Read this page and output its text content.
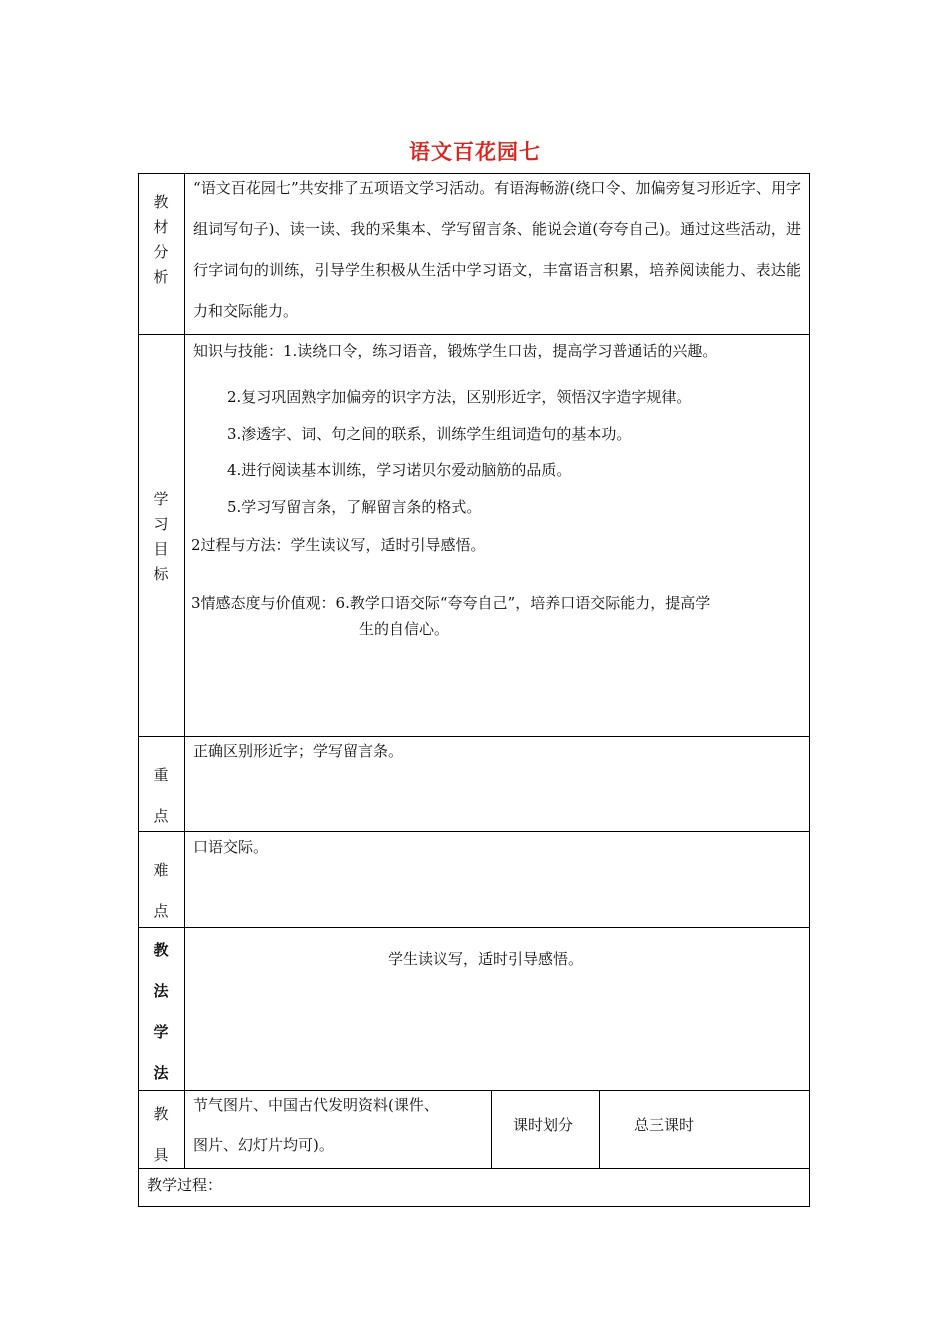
语文百花园七
教
材
分
析
“语文百花园七”共安排了五项语文学习活动。有语海畅游(绕口令、加偏旁复习形近字、用字组词写句子)、读一读、我的采集本、学写留言条、能说会道(夸夸自己)。通过这些活动，进行字词句的训练，引导学生积极从生活中学习语文，丰富语言积累，培养阅读能力、表达能力和交际能力。
学
习
目
标
知识与技能：1.读绕口令，练习语音，锻炼学生口齿，提高学习普通话的兴趣。
2.复习巩固熟字加偏旁的识字方法，区别形近字，领悟汉字造字规律。
3.渗透字、词、句之间的联系，训练学生组词造句的基本功。
4.进行阅读基本训练，学习诺贝尔爱动脑筋的品质。
5.学习写留言条，了解留言条的格式。
2过程与方法：学生读议写，适时引导感悟。
3情感态度与价值观：6.教学口语交际“夸夸自己”，培养口语交际能力，提高学
生的自信心。
重
点
正确区别形近字；学写留言条。
难
点
口语交际。
教
法
学
法
学生读议写，适时引导感悟。
教
具
节气图片、中国古代发明资料(课件、
图片、幻灯片均可)。
课时划分	总三课时
教学过程：
